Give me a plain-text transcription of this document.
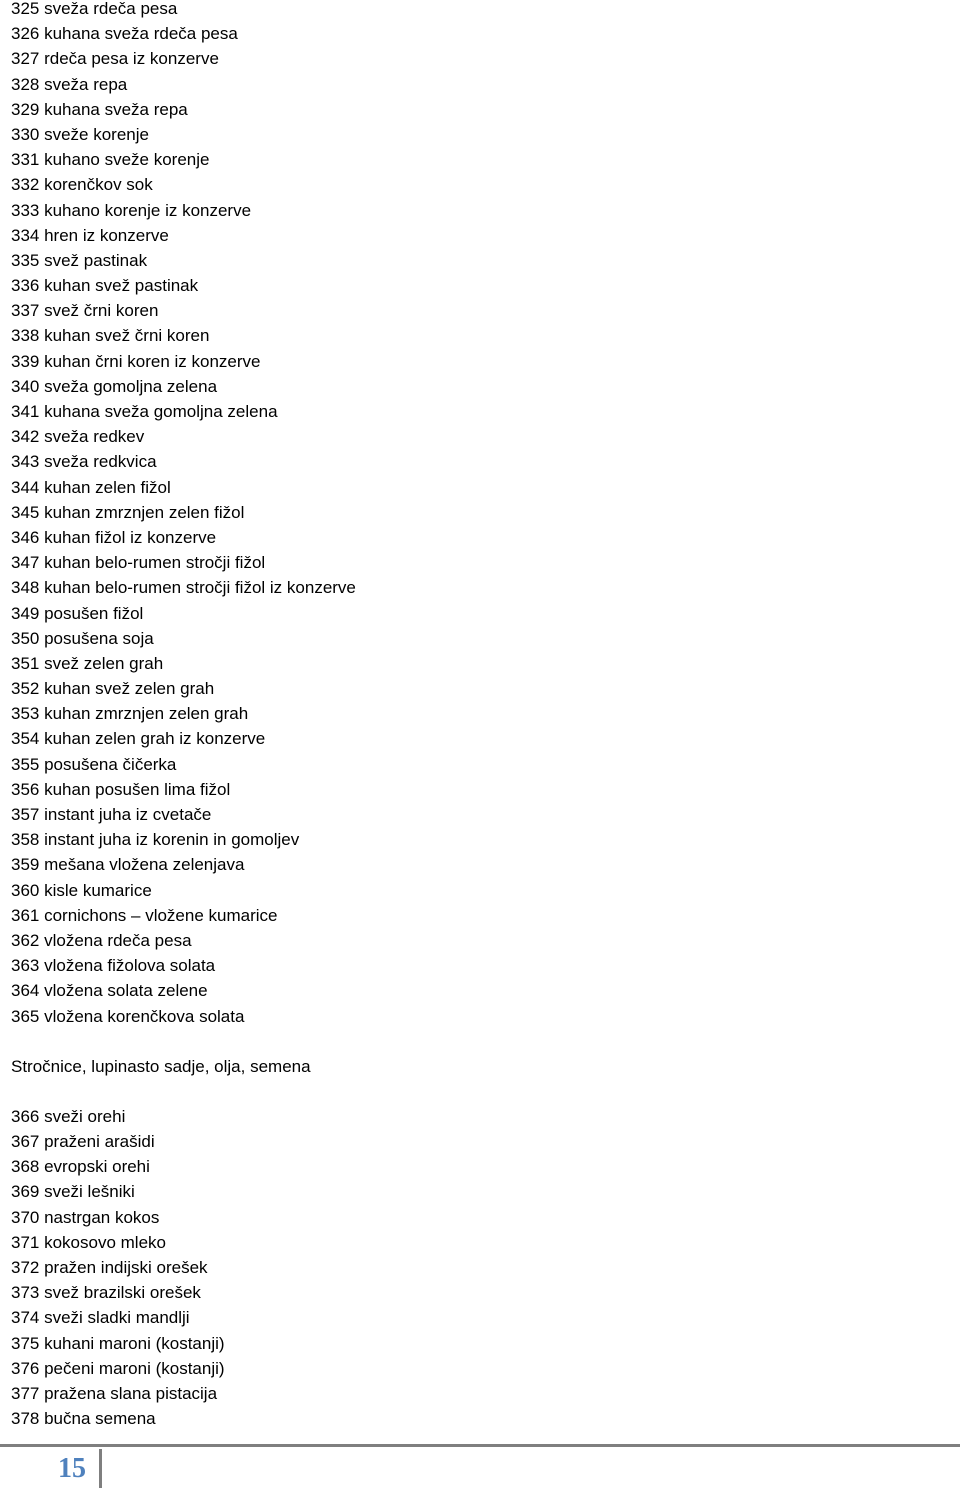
325 sveža rdeča pesa
326 kuhana sveža rdeča pesa
327 rdeča pesa iz konzerve
328 sveža repa
329 kuhana sveža repa
330 sveže korenje
331 kuhano sveže korenje
332 korenčkov sok
333 kuhano korenje iz konzerve
334 hren iz konzerve
335 svež pastinak
336 kuhan svež pastinak
337 svež črni koren
338 kuhan svež črni koren
339 kuhan črni koren iz konzerve
340 sveža gomoljna zelena
341 kuhana sveža gomoljna zelena
342 sveža redkev
343 sveža redkvica
344 kuhan zelen fižol
345 kuhan zmrznjen zelen fižol
346 kuhan fižol iz konzerve
347 kuhan belo-rumen stročji fižol
348 kuhan belo-rumen stročji fižol iz konzerve
349 posušen fižol
350 posušena soja
351 svež zelen grah
352 kuhan svež zelen grah
353 kuhan zmrznjen zelen grah
354 kuhan zelen grah iz konzerve
355 posušena čičerka
356 kuhan posušen lima fižol
357 instant juha iz cvetače
358 instant juha iz korenin in gomoljev
359 mešana vložena zelenjava
360 kisle kumarice
361 cornichons – vložene kumarice
362 vložena rdeča pesa
363 vložena fižolova solata
364 vložena solata zelene
365 vložena korenčkova solata
Stročnice, lupinasto sadje, olja, semena
366 sveži orehi
367 praženi arašidi
368 evropski orehi
369 sveži lešniki
370 nastrgan kokos
371 kokosovo mleko
372 pražen indijski orešek
373 svež brazilski orešek
374 sveži sladki mandlji
375 kuhani maroni (kostanji)
376 pečeni maroni (kostanji)
377 pražena slana pistacija
378 bučna semena
15
